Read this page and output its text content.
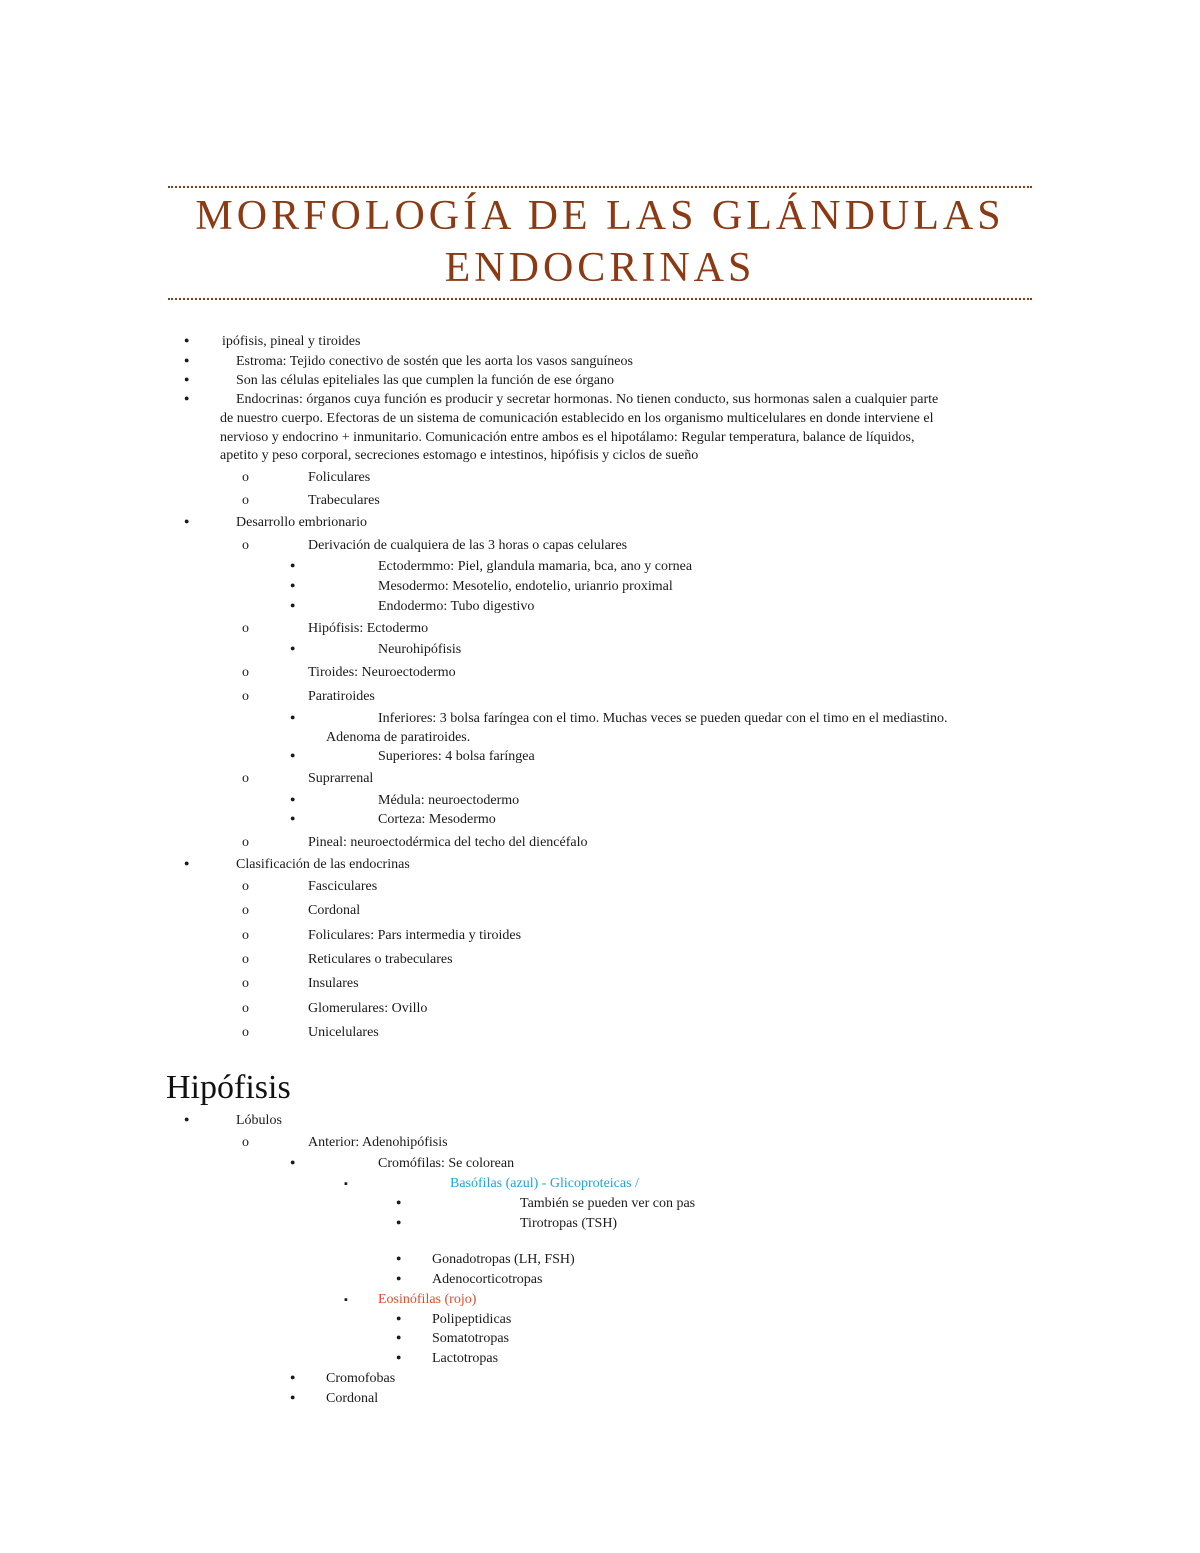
MORFOLOGÍA DE LAS GLÁNDULAS
ENDOCRINAS
●
ipófisis, pineal y tiroides
●
Estroma: Tejido conectivo de sostén que les aorta los vasos sanguíneos
●
Son las células epiteliales las que cumplen la función de ese órgano
●
Endocrinas: órganos cuya función es producir y secretar hormonas. No tienen conducto, sus hormonas salen a cualquier parte
de nuestro cuerpo. Efectoras de un sistema de comunicación establecido en los organismo multicelulares en donde interviene el
nervioso y endocrino + inmunitario. Comunicación entre ambos es el hipotálamo: Regular temperatura, balance de líquidos,
apetito y peso corporal, secreciones estomago e intestinos, hipófisis y ciclos de sueño
o
Foliculares
o
Trabeculares
●
Desarrollo embrionario
o
Derivación de cualquiera de las 3 horas o capas celulares
●
Ectodermmo: Piel, glandula mamaria, bca, ano y cornea
●
Mesodermo: Mesotelio, endotelio, urianrio proximal
●
Endodermo: Tubo digestivo
o
Hipófisis: Ectodermo
●
Neurohipófisis
o
Tiroides: Neuroectodermo
o
Paratiroides
●
Inferiores: 3 bolsa faríngea con el timo. Muchas veces se pueden quedar con el timo en el mediastino.
Adenoma de paratiroides.
●
Superiores: 4 bolsa faríngea
o
Suprarrenal
●
Médula: neuroectodermo
●
Corteza: Mesodermo
o
Pineal: neuroectodérmica del techo del diencéfalo
●
Clasificación de las endocrinas
o
Fasciculares
o
Cordonal
o
Foliculares: Pars intermedia y tiroides
o
Reticulares o trabeculares
o
Insulares
o
Glomerulares: Ovillo
o
Unicelulares
Hipófisis
●
Lóbulos
o
Anterior: Adenohipófisis
●
Cromófilas: Se colorean
▪
Basófilas (azul) - Glicoproteicas /
●
También se pueden ver con pas
●
Tirotropas (TSH)
●
Gonadotropas (LH, FSH)
●
Adenocorticotropas
▪
Eosinófilas (rojo)
●
Polipeptidicas
●
Somatotropas
●
Lactotropas
●
Cromofobas
●
Cordonal
